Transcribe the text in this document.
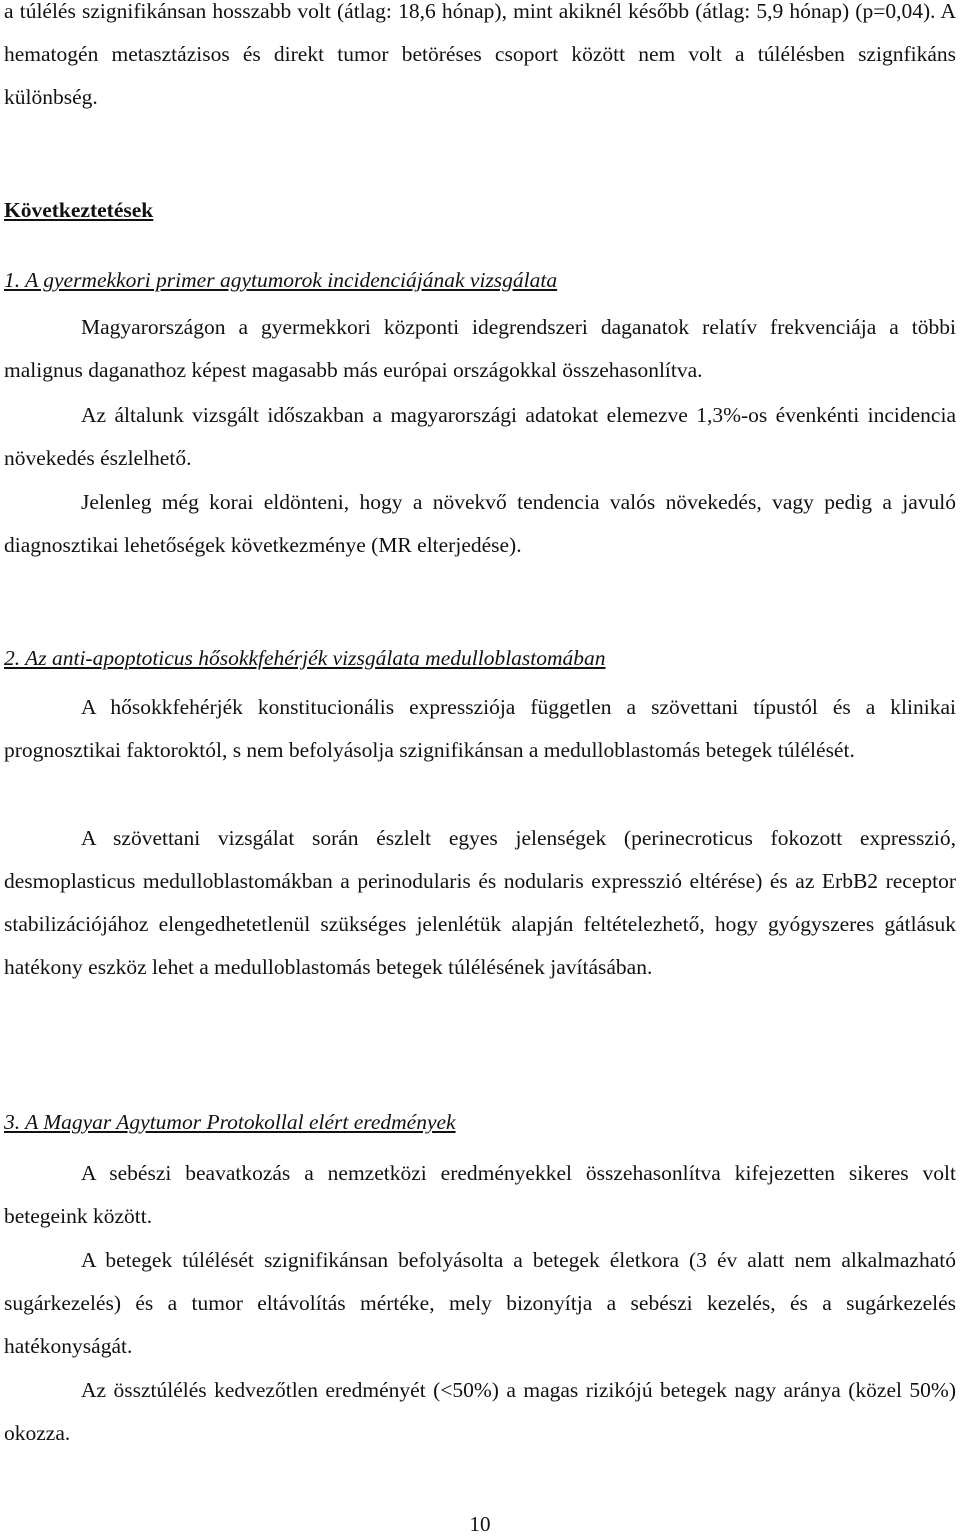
a túlélés szignifikánsan hosszabb volt (átlag: 18,6 hónap), mint akiknél később (átlag: 5,9 hónap) (p=0,04). A hematogén metasztázisos és direkt tumor betöréses csoport között nem volt a túlélésben szignfikáns különbség.

Következtetések

1. A gyermekkori primer agytumorok incidenciájának vizsgálata

Magyarországon a gyermekkori központi idegrendszeri daganatok relatív frekvenciája a többi malignus daganathoz képest magasabb más európai országokkal összehasonlítva.

Az általunk vizsgált időszakban a magyarországi adatokat elemezve 1,3%-os évenkénti incidencia növekedés észlelhető.

Jelenleg még korai eldönteni, hogy a növekvő tendencia valós növekedés, vagy pedig a javuló diagnosztikai lehetőségek következménye (MR elterjedése).

2. Az anti-apoptoticus hősokkfehérjék vizsgálata medulloblastomában

A hősokkfehérjék konstitucionális expressziója független a szövettani típustól és a klinikai prognosztikai faktoroktól, s nem befolyásolja szignifikánsan a medulloblastomás betegek túlélését.

A szövettani vizsgálat során észlelt egyes jelenségek (perinecroticus fokozott expresszió, desmoplasticus medulloblastomákban a perinodularis és nodularis expresszió eltérése) és az ErbB2 receptor stabilizációjához elengedhetetlenül szükséges jelenlétük alapján feltételezhető, hogy gyógyszeres gátlásuk hatékony eszköz lehet a medulloblastomás betegek túlélésének javításában.

3. A Magyar Agytumor Protokollal elért eredmények

A sebészi beavatkozás a nemzetközi eredményekkel összehasonlítva kifejezetten sikeres volt betegeink között.

A betegek túlélését szignifikánsan befolyásolta a betegek életkora (3 év alatt nem alkalmazható sugárkezelés) és a tumor eltávolítás mértéke, mely bizonyítja a sebészi kezelés, és a sugárkezelés hatékonyságát.

Az össztúlélés kedvezőtlen eredményét (<50%) a magas rizikójú betegek nagy aránya (közel 50%) okozza.

10
